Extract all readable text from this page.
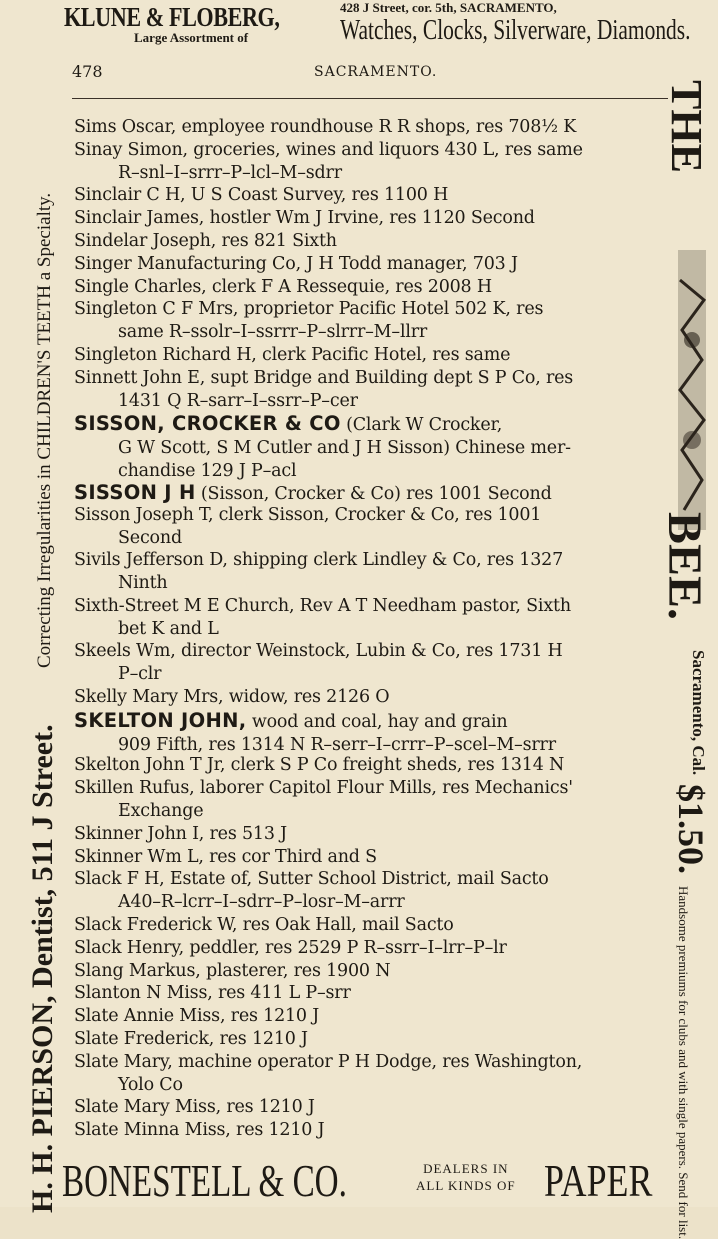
KLUNE & FLOBERG,
Large Assortment of
428 J Street, cor. 5th, SACRAMENTO,
Watches, Clocks, Silverware, Diamonds.
478	SACRAMENTO.
Sims Oscar, employee roundhouse R R shops, res 708½ K
Sinay Simon, groceries, wines and liquors 430 L, res same
R–snl–I–srrr–P–lcl–M–sdrr
Sinclair C H, U S Coast Survey, res 1100 H
Sinclair James, hostler Wm J Irvine, res 1120 Second
Sindelar Joseph, res 821 Sixth
Singer Manufacturing Co, J H Todd manager, 703 J
Single Charles, clerk F A Ressequie, res 2008 H
Singleton C F Mrs, proprietor Pacific Hotel 502 K, res
same R–ssolr–I–ssrrr–P–slrrr–M–llrr
Singleton Richard H, clerk Pacific Hotel, res same
Sinnett John E, supt Bridge and Building dept S P Co, res
1431 Q R–sarr–I–ssrr–P–cer
SISSON, CROCKER & CO (Clark W Crocker,
G W Scott, S M Cutler and J H Sisson) Chinese mer-
chandise 129 J P–acl
SISSON J H (Sisson, Crocker & Co) res 1001 Second
Sisson Joseph T, clerk Sisson, Crocker & Co, res 1001
Second
Sivils Jefferson D, shipping clerk Lindley & Co, res 1327
Ninth
Sixth-Street M E Church, Rev A T Needham pastor, Sixth
bet K and L
Skeels Wm, director Weinstock, Lubin & Co, res 1731 H
P–clr
Skelly Mary Mrs, widow, res 2126 O
SKELTON JOHN, wood and coal, hay and grain
909 Fifth, res 1314 N R–serr–I–crrr–P–scel–M–srrr
Skelton John T Jr, clerk S P Co freight sheds, res 1314 N
Skillen Rufus, laborer Capitol Flour Mills, res Mechanics'
Exchange
Skinner John I, res 513 J
Skinner Wm L, res cor Third and S
Slack F H, Estate of, Sutter School District, mail Sacto
A40–R–lcrr–I–sdrr–P–losr–M–arrr
Slack Frederick W, res Oak Hall, mail Sacto
Slack Henry, peddler, res 2529 P R–ssrr–I–lrr–P–lr
Slang Markus, plasterer, res 1900 N
Slanton N Miss, res 411 L P–srr
Slate Annie Miss, res 1210 J
Slate Frederick, res 1210 J
Slate Mary, machine operator P H Dodge, res Washington,
Yolo Co
Slate Mary Miss, res 1210 J
Slate Minna Miss, res 1210 J
H. H. PIERSON, Dentist, 511 J Street.
Correcting Irregularities in CHILDREN'S TEETH a Specialty.
THE
BEE.
Sacramento, Cal.
$1.50.
Handsome premiums for clubs and with single papers. Send for list.
BONESTELL & CO.	DEALERS IN
ALL KINDS OF PAPER
